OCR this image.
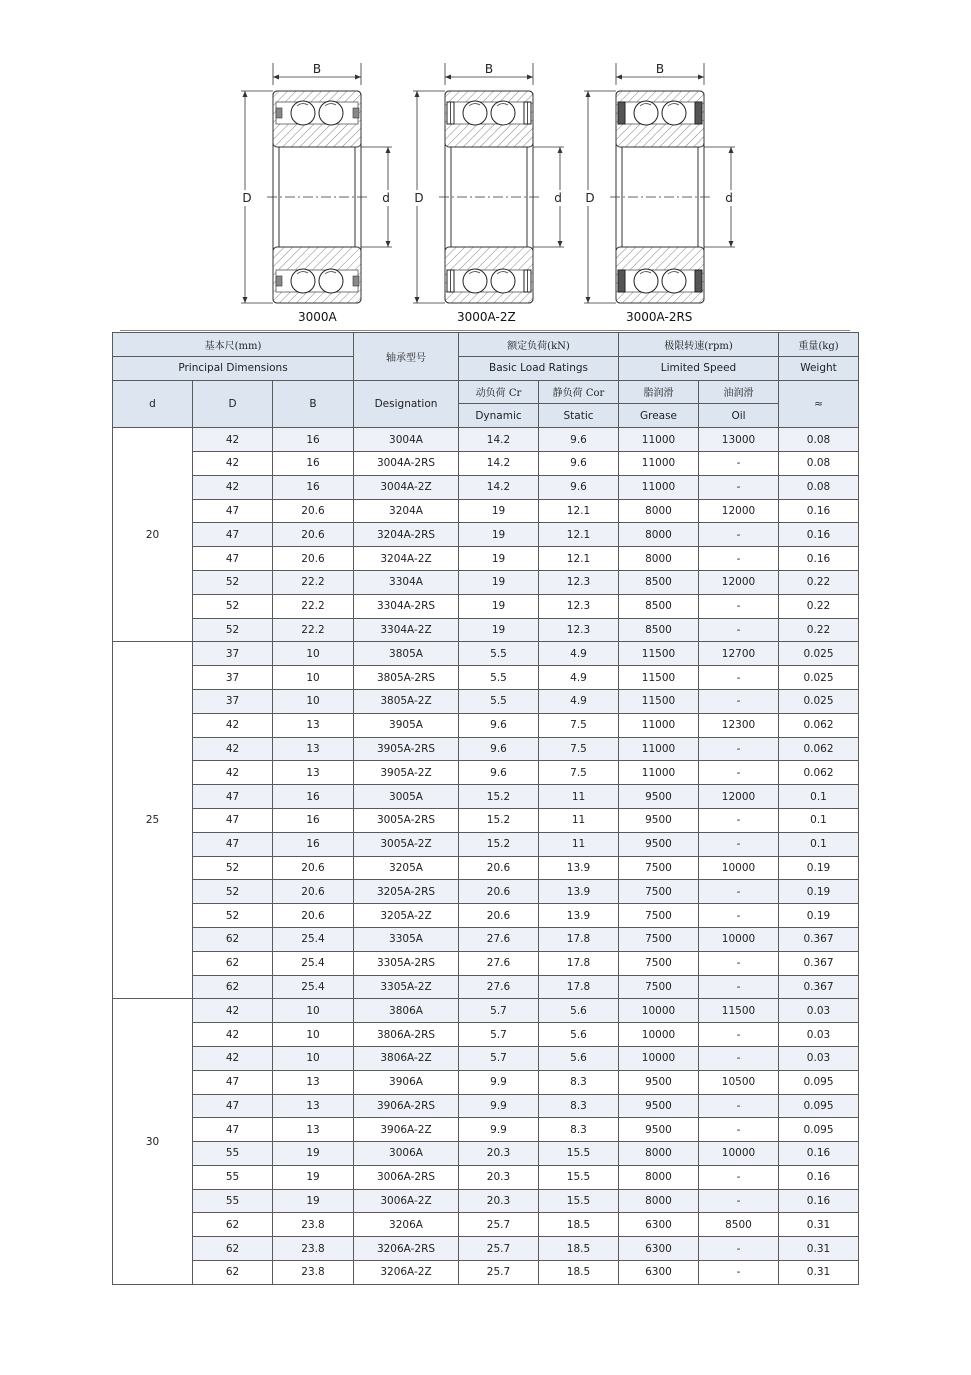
B
D	d
3000A
B
D	d
3000A-2Z
B
D	d
3000A-2RS
基本尺(mm)			轴承型号	额定负荷(kN)		极限转速(rpm)		重量(kg)
Principal Dimensions				Basic Load Ratings		Limited Speed		Weight
d	D	B	Designation	动负荷 Cr	静负荷 Cor	脂润滑	油润滑	≈
				Dynamic	Static	Grease	Oil	
20	42	16	3004A	14.2	9.6	11000	13000	0.08
	42	16	3004A-2RS	14.2	9.6	11000	-	0.08
	42	16	3004A-2Z	14.2	9.6	11000	-	0.08
	47	20.6	3204A	19	12.1	8000	12000	0.16
	47	20.6	3204A-2RS	19	12.1	8000	-	0.16
	47	20.6	3204A-2Z	19	12.1	8000	-	0.16
	52	22.2	3304A	19	12.3	8500	12000	0.22
	52	22.2	3304A-2RS	19	12.3	8500	-	0.22
	52	22.2	3304A-2Z	19	12.3	8500	-	0.22
25	37	10	3805A	5.5	4.9	11500	12700	0.025
	37	10	3805A-2RS	5.5	4.9	11500	-	0.025
	37	10	3805A-2Z	5.5	4.9	11500	-	0.025
	42	13	3905A	9.6	7.5	11000	12300	0.062
	42	13	3905A-2RS	9.6	7.5	11000	-	0.062
	42	13	3905A-2Z	9.6	7.5	11000	-	0.062
	47	16	3005A	15.2	11	9500	12000	0.1
	47	16	3005A-2RS	15.2	11	9500	-	0.1
	47	16	3005A-2Z	15.2	11	9500	-	0.1
	52	20.6	3205A	20.6	13.9	7500	10000	0.19
	52	20.6	3205A-2RS	20.6	13.9	7500	-	0.19
	52	20.6	3205A-2Z	20.6	13.9	7500	-	0.19
	62	25.4	3305A	27.6	17.8	7500	10000	0.367
	62	25.4	3305A-2RS	27.6	17.8	7500	-	0.367
	62	25.4	3305A-2Z	27.6	17.8	7500	-	0.367
30	42	10	3806A	5.7	5.6	10000	11500	0.03
	42	10	3806A-2RS	5.7	5.6	10000	-	0.03
	42	10	3806A-2Z	5.7	5.6	10000	-	0.03
	47	13	3906A	9.9	8.3	9500	10500	0.095
	47	13	3906A-2RS	9.9	8.3	9500	-	0.095
	47	13	3906A-2Z	9.9	8.3	9500	-	0.095
	55	19	3006A	20.3	15.5	8000	10000	0.16
	55	19	3006A-2RS	20.3	15.5	8000	-	0.16
	55	19	3006A-2Z	20.3	15.5	8000	-	0.16
	62	23.8	3206A	25.7	18.5	6300	8500	0.31
	62	23.8	3206A-2RS	25.7	18.5	6300	-	0.31
	62	23.8	3206A-2Z	25.7	18.5	6300	-	0.31
